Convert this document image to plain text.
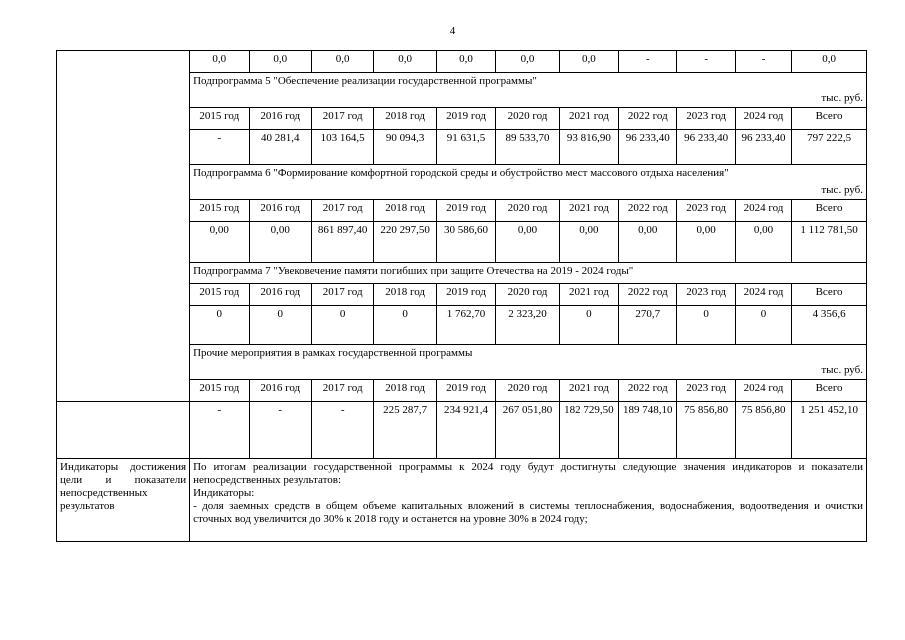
4
	0,0	0,0	0,0	0,0	0,0	0,0	0,0	-	-	-	0,0

	Подпрограмма 5 "Обеспечение реализации государственной программы"
тыс. руб.										

	2015 год	2016 год	2017 год	2018 год	2019 год	2020 год	2021 год	2022 год	2023 год	2024 год	Всего
	-	40 281,4	103 164,5	90 094,3	91 631,5	89 533,70	93 816,90	96 233,40	96 233,40	96 233,40	797 222,5

	Подпрограмма 6 "Формирование комфортной городской среды и обустройство мест массового отдыха населения"
тыс. руб.										

	2015 год	2016 год	2017 год	2018 год	2019 год	2020 год	2021 год	2022 год	2023 год	2024 год	Всего
	0,00	0,00	861 897,40	220 297,50	30 586,60	0,00	0,00	0,00	0,00	0,00	1 112 781,50

	Подпрограмма 7 "Увековечение памяти погибших при защите Отечества на 2019 - 2024 годы"										

	2015 год	2016 год	2017 год	2018 год	2019 год	2020 год	2021 год	2022 год	2023 год	2024 год	Всего
	0	0	0	0	1 762,70	2 323,20	0	270,7	0	0	4 356,6

	Прочие мероприятия в рамках государственной программы
тыс. руб.										

	2015 год	2016 год	2017 год	2018 год	2019 год	2020 год	2021 год	2022 год	2023 год	2024 год	Всего
	-	-	-	225 287,7	234 921,4	267 051,80	182 729,50	189 748,10	75 856,80	75 856,80	1 251 452,10

Индикаторы достижения цели и показатели непосредственных результатов	По итогам реализации государственной программы к 2024 году будут достигнуты следующие значения индикаторов и показатели непосредственных результатов:
Индикаторы:
- доля заемных средств в общем объеме капитальных вложений в системы теплоснабжения, водоснабжения, водоотведения и очистки сточных вод увеличится до 30% к 2018 году и останется на уровне 30% в 2024 году;										
